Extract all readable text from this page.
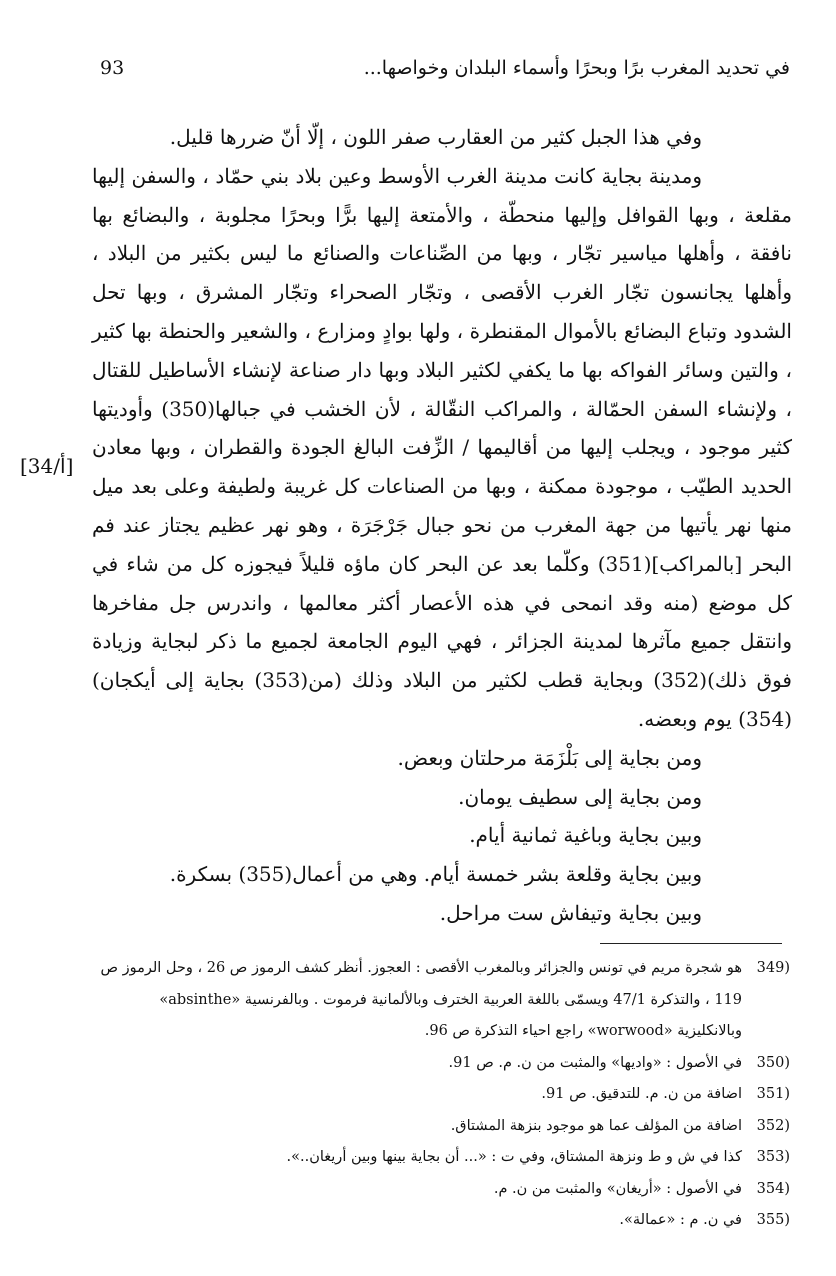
في تحديد المغرب برًا وبحرًا وأسماء البلدان وخواصها...
93
[34/أ]

وفي هذا الجبل كثير من العقارب صفر اللون ، إلّا أنّ ضررها قليل.

ومدينة بجاية كانت مدينة الغرب الأوسط وعين بلاد بني حمّاد ، والسفن إليها مقلعة ، وبها القوافل وإليها منحطّة ، والأمتعة إليها برًّا وبحرًا مجلوبة ، والبضائع بها نافقة ، وأهلها مياسير تجّار ، وبها من الصِّناعات والصنائع ما ليس بكثير من البلاد ، وأهلها يجانسون تجّار الغرب الأقصى ، وتجّار الصحراء وتجّار المشرق ، وبها تحل الشدود وتباع البضائع بالأموال المقنطرة ، ولها بوادٍ ومزارع ، والشعير والحنطة بها كثير ، والتين وسائر الفواكه بها ما يكفي لكثير البلاد وبها دار صناعة لإنشاء الأساطيل للقتال ، ولإنشاء السفن الحمّالة ، والمراكب النقّالة ، لأن الخشب في جبالها(350) وأوديتها كثير موجود ، ويجلب إليها من أقاليمها / الزِّفت البالغ الجودة والقطران ، وبها معادن الحديد الطيّب ، موجودة ممكنة ، وبها من الصناعات كل غريبة ولطيفة وعلى بعد ميل منها نهر يأتيها من جهة المغرب من نحو جبال جَرْجَرَة ، وهو نهر عظيم يجتاز عند فم البحر [بالمراكب](351) وكلّما بعد عن البحر كان ماؤه قليلاً فيجوزه كل من شاء في كل موضع (منه وقد انمحى في هذه الأعصار أكثر معالمها ، واندرس جل مفاخرها وانتقل جميع مآثرها لمدينة الجزائر ، فهي اليوم الجامعة لجميع ما ذكر لبجاية وزيادة فوق ذلك)(352) وبجاية قطب لكثير من البلاد وذلك (من(353) بجاية إلى أيكجان)(354) يوم وبعضه.

ومن بجاية إلى بَلْزَمَة مرحلتان وبعض.

ومن بجاية إلى سطيف يومان.

وبين بجاية وباغية ثمانية أيام.

وبين بجاية وقلعة بشر خمسة أيام. وهي من أعمال(355) بسكرة.

وبين بجاية وتيفاش ست مراحل.

349)
هو شجرة مريم في تونس والجزائر وبالمغرب الأقصى : العجوز. أنظر كشف الرموز ص 26 ، وحل الرموز ص 119 ، والتذكرة 47/1 ويسمّى باللغة العربية الخترف وبالألمانية فرموت . وبالفرنسية «absinthe» وبالانكليزية «worwood» راجع احياء التذكرة ص 96.
350)
في الأصول : «واديها» والمثبت من ن. م. ص 91.
351)
اضافة من ن. م. للتدقيق. ص 91.
352)
اضافة من المؤلف عما هو موجود بنزهة المشتاق.
353)
كذا في ش و ط ونزهة المشتاق، وفي ت : «... أن بجاية بينها وبين أريغان..».
354)
في الأصول : «أريغان» والمثبت من ن. م.
355)
في ن. م : «عمالة».
